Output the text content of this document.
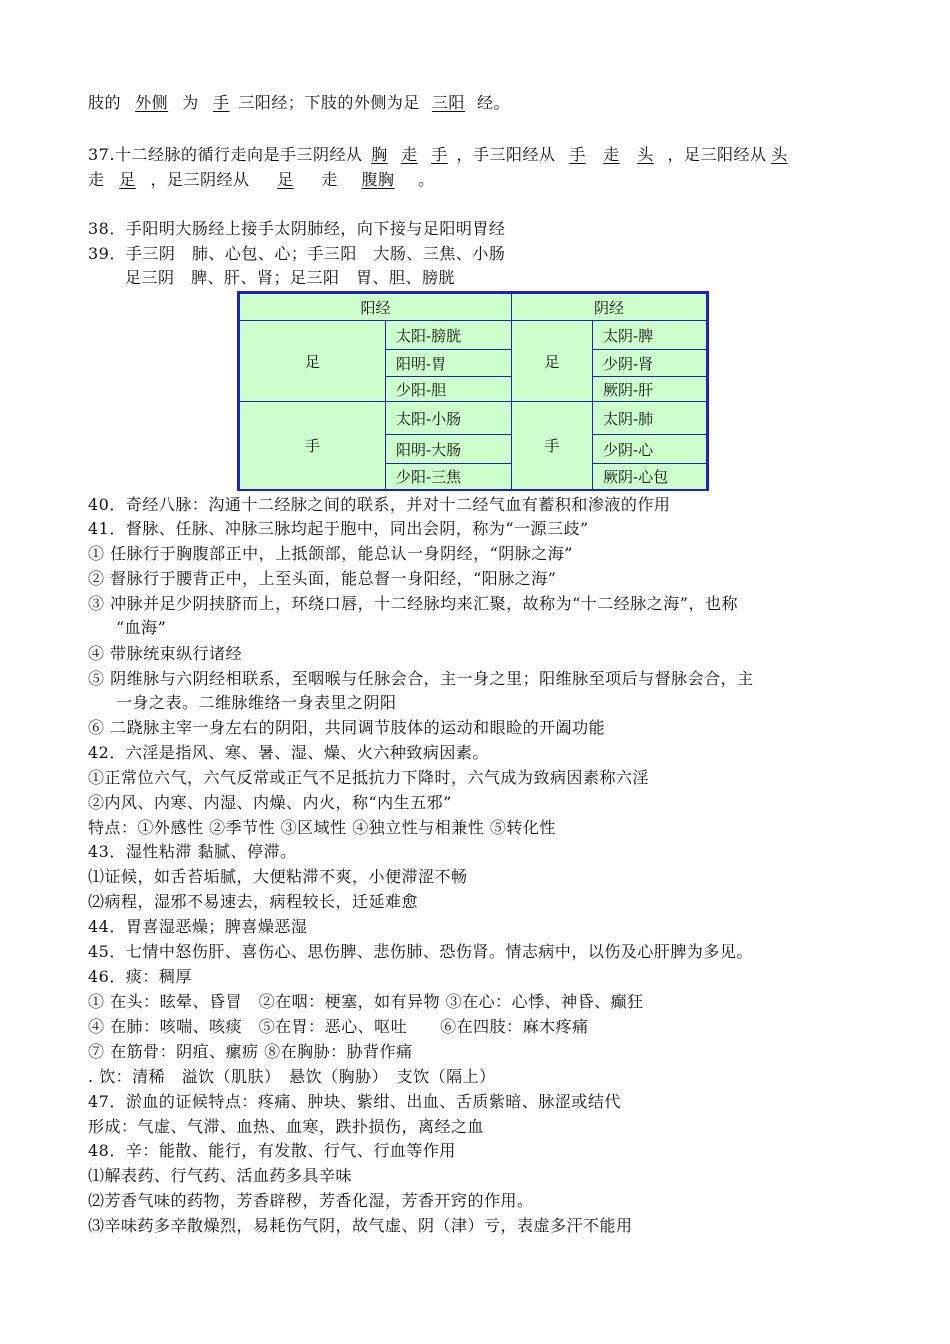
肢的 外侧 为 手 三阳经；下肢的外侧为足 三阳 经。
37.十二经脉的循行走向是手三阴经从 胸 走 手 ，手三阳经从 手 走 头 ，足三阳经从 头
走 足 ，足三阴经从 足 走 腹胸 。
38．手阳明大肠经上接手太阴肺经，向下接与足阳明胃经
39．手三阴　肺、心包、心；手三阳　大肠、三焦、小肠
足三阴　脾、肝、肾；足三阳　胃、胆、膀胱
阳经		阴经	
足	太阳-膀胱	足	太阴-脾
	阳明-胃		少阴-肾
	少阳-胆		厥阴-肝
手	太阳-小肠	手	太阴-肺
	阳明-大肠		少阴-心
	少阳-三焦		厥阴-心包
40．奇经八脉：沟通十二经脉之间的联系，并对十二经气血有蓄积和渗液的作用
41．督脉、任脉、冲脉三脉均起于胞中，同出会阴，称为“一源三歧”
① 任脉行于胸腹部正中，上抵颌部，能总认一身阴经，“阴脉之海”
② 督脉行于腰背正中，上至头面，能总督一身阳经，“阳脉之海”
③ 冲脉并足少阴挟脐而上，环绕口唇，十二经脉均来汇聚，故称为“十二经脉之海”，也称
“血海”
④ 带脉统束纵行诸经
⑤ 阴维脉与六阴经相联系，至咽喉与任脉会合，主一身之里；阳维脉至项后与督脉会合，主
一身之表。二维脉维络一身表里之阴阳
⑥ 二跷脉主宰一身左右的阴阳，共同调节肢体的运动和眼睑的开阖功能
42．六淫是指风、寒、暑、湿、燥、火六种致病因素。
①正常位六气，六气反常或正气不足抵抗力下降时，六气成为致病因素称六淫
②内风、内寒、内湿、内燥、内火，称“内生五邪”
特点：①外感性 ②季节性 ③区域性 ④独立性与相兼性 ⑤转化性
43．湿性粘滞 黏腻、停滞。
⑴证候，如舌苔垢腻，大便粘滞不爽，小便滞涩不畅
⑵病程，湿邪不易速去，病程较长，迁延难愈
44．胃喜湿恶燥；脾喜燥恶湿
45．七情中怒伤肝、喜伤心、思伤脾、悲伤肺、恐伤肾。情志病中，以伤及心肝脾为多见。
46．痰：稠厚
① 在头：眩晕、昏冒　②在咽：梗塞，如有异物 ③在心：心悸、神昏、癫狂
④ 在肺：咳喘、咳痰　⑤在胃：恶心、呕吐　　⑥在四肢：麻木疼痛
⑦ 在筋骨：阴疽、瘰疬 ⑧在胸胁：胁背作痛
. 饮：清稀　溢饮（肌肤）　悬饮（胸胁）　支饮（隔上）
47．淤血的证候特点：疼痛、肿块、紫绀、出血、舌质紫暗、脉涩或结代
形成：气虚、气滞、血热、血寒，跌扑损伤，离经之血
48．辛：能散、能行，有发散、行气、行血等作用
⑴解表药、行气药、活血药多具辛味
⑵芳香气味的药物，芳香辟秽，芳香化湿，芳香开窍的作用。
⑶辛味药多辛散燥烈，易耗伤气阴，故气虚、阴（津）亏，表虚多汗不能用
